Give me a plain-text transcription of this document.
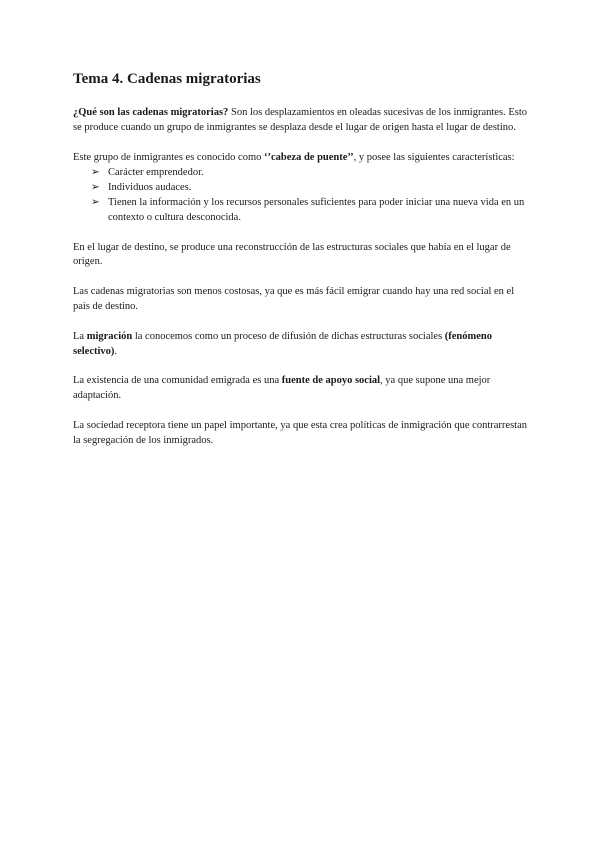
Tema 4. Cadenas migratorias

¿Qué son las cadenas migratorias? Son los desplazamientos en oleadas sucesivas de los inmigrantes. Esto se produce cuando un grupo de inmigrantes se desplaza desde el lugar de origen hasta el lugar de destino.

Este grupo de inmigrantes es conocido como ‘’cabeza de puente’’, y posee las siguientes características:

➢ Carácter emprendedor.
➢ Individuos audaces.
➢ Tienen la información y los recursos personales suficientes para poder iniciar una nueva vida en un contexto o cultura desconocida.

En el lugar de destino, se produce una reconstrucción de las estructuras sociales que había en el lugar de origen.

Las cadenas migratorias son menos costosas, ya que es más fácil emigrar cuando hay una red social en el país de destino.

La migración la conocemos como un proceso de difusión de dichas estructuras sociales (fenómeno selectivo).

La existencia de una comunidad emigrada es una fuente de apoyo social, ya que supone una mejor adaptación.

La sociedad receptora tiene un papel importante, ya que esta crea políticas de inmigración que contrarrestan la segregación de los inmigrados.
